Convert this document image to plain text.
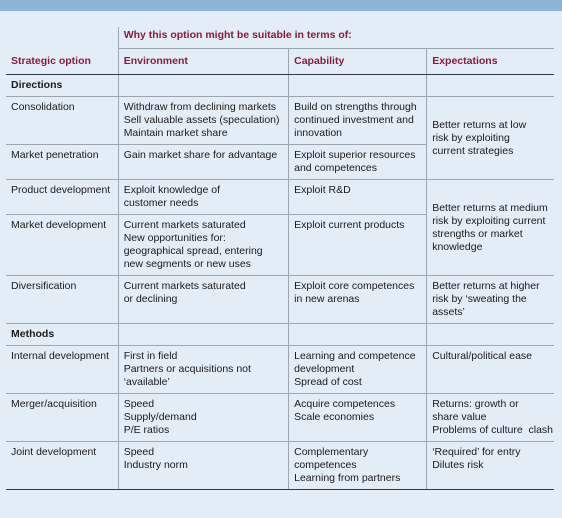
	Why this option might be suitable in terms of:		
Strategic option	Environment	Capability	Expectations
Directions			
Consolidation	Withdraw from declining markets
Sell valuable assets (speculation)
Maintain market share	Build on strengths through
continued investment and
innovation	Better returns at low
risk by exploiting
current strategies

Market penetration	Gain market share for advantage	Exploit superior resources
and competences	

Product development	Exploit knowledge of
customer needs	Exploit R&D	Better returns at medium
risk by exploiting current
strengths or market
knowledge

Market development	Current markets saturated
New opportunities for:
geographical spread, entering
new segments or new uses	Exploit current products	

Diversification	Current markets saturated
or declining	Exploit core competences
in new arenas	Better returns at higher
risk by ‘sweating the
assets’

Methods			
Internal development	First in field
Partners or acquisitions not
‘available’	Learning and competence
development
Spread of cost	Cultural/political ease

Merger/acquisition	Speed
Supply/demand
P/E ratios	Acquire competences
Scale economies	Returns: growth or
share value
Problems of culture  clash

Joint development	Speed
Industry norm	Complementary
competences
Learning from partners	‘Required’ for entry
Dilutes risk
